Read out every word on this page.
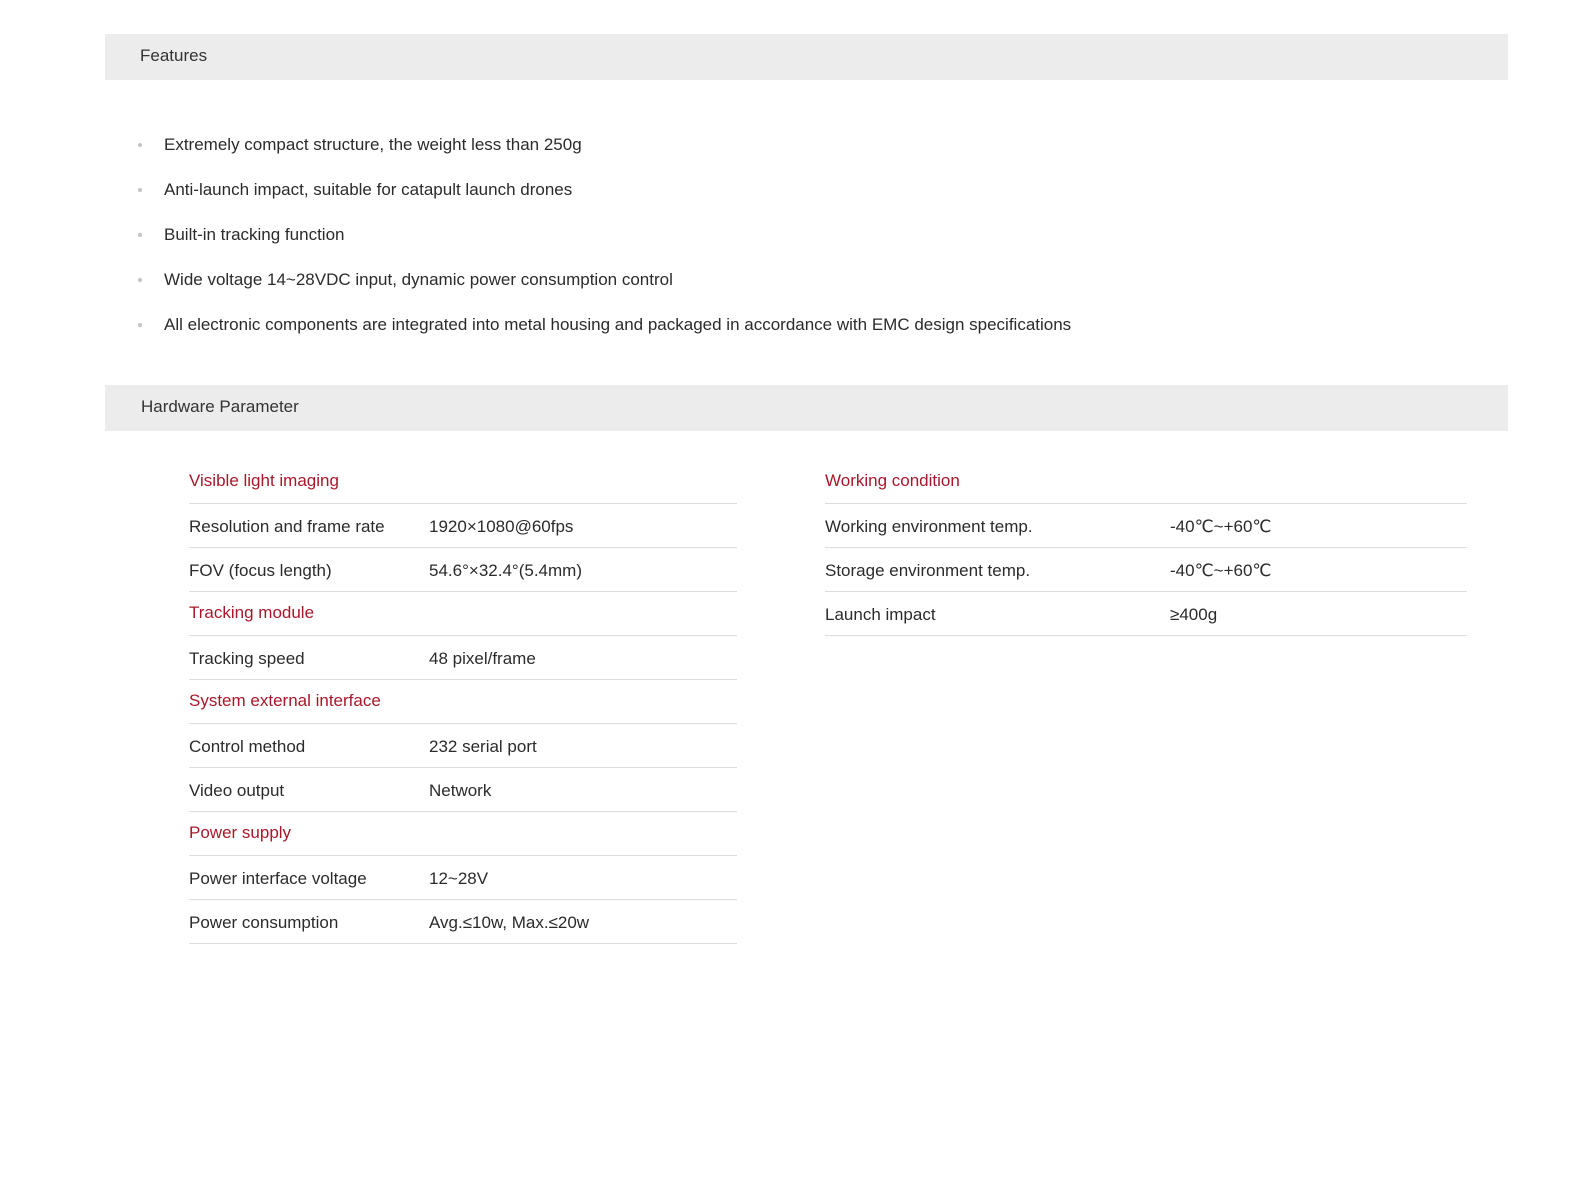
Features
Extremely compact structure, the weight less than 250g
Anti-launch impact, suitable for catapult launch drones
Built-in tracking function
Wide voltage 14~28VDC input, dynamic power consumption control
All electronic components are integrated into metal housing and packaged in accordance with EMC design specifications
Hardware Parameter
Visible light imaging
Resolution and frame rate	1920×1080@60fps
FOV (focus length)	54.6°×32.4°(5.4mm)
Tracking module
Tracking speed	48 pixel/frame
System external interface
Control method	232 serial port
Video output	Network
Power supply
Power interface voltage	12~28V
Power consumption	Avg.≤10w, Max.≤20w
Working condition
Working environment temp.	-40℃~+60℃
Storage environment temp.	-40℃~+60℃
Launch impact	≥400g
